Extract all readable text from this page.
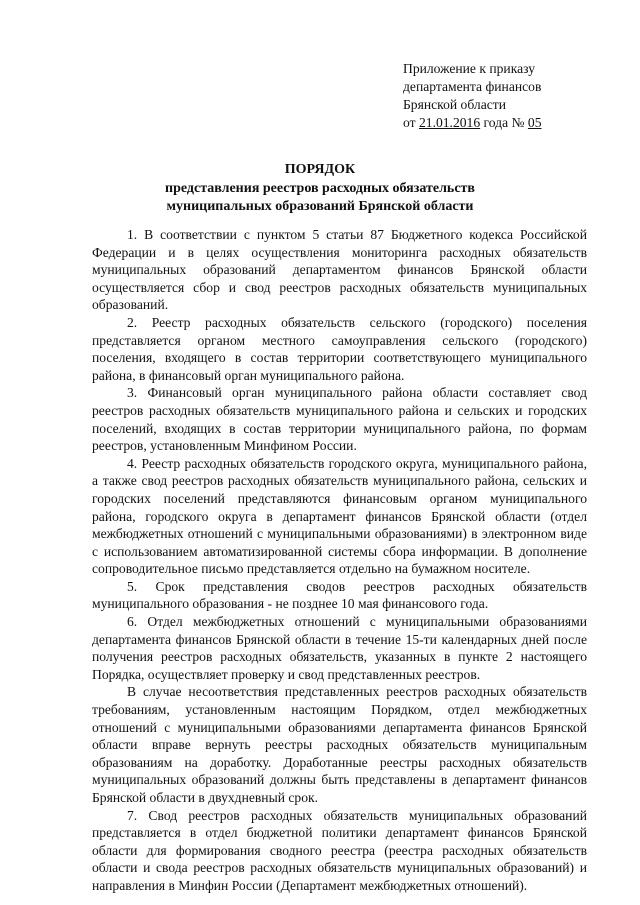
Приложение к приказу
департамента финансов
Брянской области
от 21.01.2016 года № 05
ПОРЯДОК
представления реестров расходных обязательств муниципальных образований Брянской области

1. В соответствии с пунктом 5 статьи 87 Бюджетного кодекса Российской Федерации и в целях осуществления мониторинга расходных обязательств муниципальных образований департаментом финансов Брянской области осуществляется сбор и свод реестров расходных обязательств муниципальных образований.

2. Реестр расходных обязательств сельского (городского) поселения представляется органом местного самоуправления сельского (городского) поселения, входящего в состав территории соответствующего муниципального района, в финансовый орган муниципального района.

3. Финансовый орган муниципального района области составляет свод реестров расходных обязательств муниципального района и сельских и городских поселений, входящих в состав территории муниципального района, по формам реестров, установленным Минфином России.

4. Реестр расходных обязательств городского округа, муниципального района, а также свод реестров расходных обязательств муниципального района, сельских и городских поселений представляются финансовым органом муниципального района, городского округа в департамент финансов Брянской области (отдел межбюджетных отношений с муниципальными образованиями) в электронном виде с использованием автоматизированной системы сбора информации. В дополнение сопроводительное письмо представляется отдельно на бумажном носителе.

5. Срок представления сводов реестров расходных обязательств муниципального образования - не позднее 10 мая финансового года.

6. Отдел межбюджетных отношений с муниципальными образованиями департамента финансов Брянской области в течение 15-ти календарных дней после получения реестров расходных обязательств, указанных в пункте 2 настоящего Порядка, осуществляет проверку и свод представленных реестров.

В случае несоответствия представленных реестров расходных обязательств требованиям, установленным настоящим Порядком, отдел межбюджетных отношений с муниципальными образованиями департамента финансов Брянской области вправе вернуть реестры расходных обязательств муниципальным образованиям на доработку. Доработанные реестры расходных обязательств муниципальных образований должны быть представлены в департамент финансов Брянской области в двухдневный срок.

7. Свод реестров расходных обязательств муниципальных образований представляется в отдел бюджетной политики департамент финансов Брянской области для формирования сводного реестра (реестра расходных обязательств области и свода реестров расходных обязательств муниципальных образований) и направления в Минфин России (Департамент межбюджетных отношений).
